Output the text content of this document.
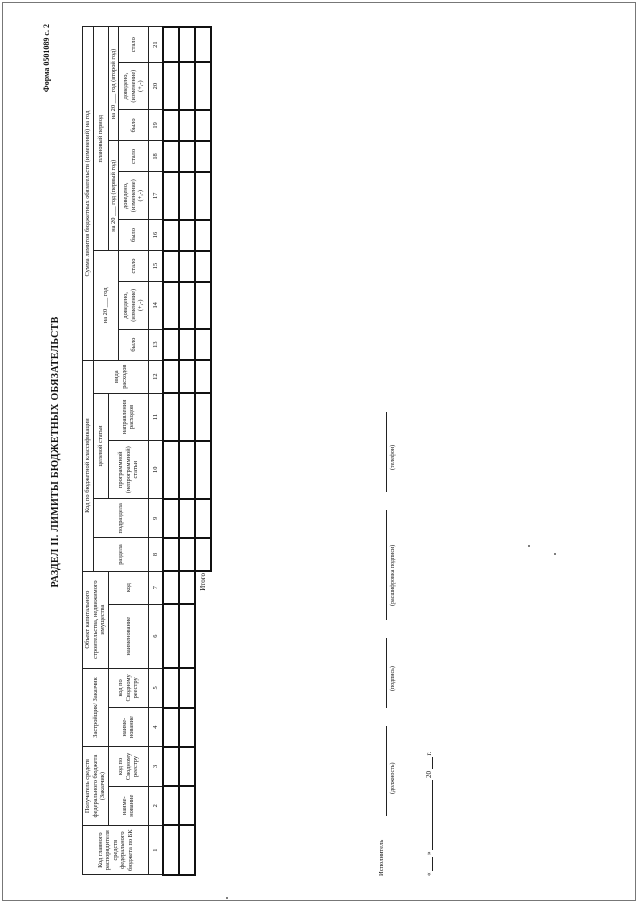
Форма 0501089 с. 2
РАЗДЕЛ II. ЛИМИТЫ БЮДЖЕТНЫХ ОБЯЗАТЕЛЬСТВ
Код главного распорядителя средств федерального бюджета по БК	Получатель средств федерального бюджета (Заказчик)		Застройщик/ Заказчик		Объект капитального строительства, недвижимого имущества		Код по бюджетной классификации					Сумма лимитов бюджетных обязательств (изменений) на год								
							раздела	подраздела	целевой статьи		вида расходов	на 20 ___ год			плановый период					
	наиме-нование	код по Сводному реестру	наиме-нование	код по Сводному реестру	наименование	код			программной (непрограммной) статьи	направления расходов					на 20 ___ год (первый год)			на 20 ___ год (второй год)		
												было	доведено, (изменение) (+,-)	стало	было	доведено, (изменение) (+,-)	стало	было	доведено, (изменение) (+,-)	стало
1	2	3	4	5	6	7	8	9	10	11	12	13	14	15	16	17	18	19	20	21

					Итого															
Исполнитель
(должность)
(подпись)
(расшифровка подписи)
(телефон)
«  »  20  г.
